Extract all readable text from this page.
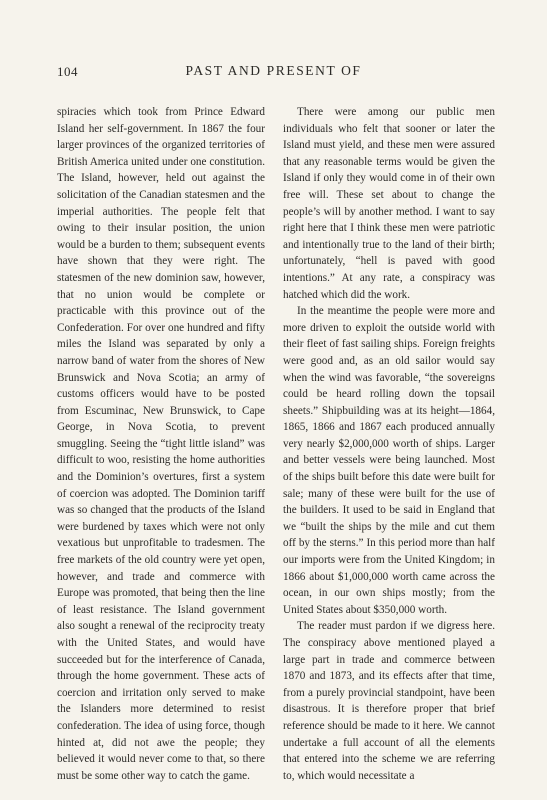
104	PAST AND PRESENT OF

spiracies which took from Prince Edward Island her self-government. In 1867 the four larger provinces of the organized territories of British America united under one constitution. The Island, however, held out against the solicitation of the Canadian statesmen and the imperial authorities. The people felt that owing to their insular position, the union would be a burden to them; subsequent events have shown that they were right. The statesmen of the new dominion saw, however, that no union would be complete or practicable with this province out of the Confederation. For over one hundred and fifty miles the Island was separated by only a narrow band of water from the shores of New Brunswick and Nova Scotia; an army of customs officers would have to be posted from Escuminac, New Brunswick, to Cape George, in Nova Scotia, to prevent smuggling. Seeing the “tight little island” was difficult to woo, resisting the home authorities and the Dominion’s overtures, first a system of coercion was adopted. The Dominion tariff was so changed that the products of the Island were burdened by taxes which were not only vexatious but unprofitable to tradesmen. The free markets of the old country were yet open, however, and trade and commerce with Europe was promoted, that being then the line of least resistance. The Island government also sought a renewal of the reciprocity treaty with the United States, and would have succeeded but for the interference of Canada, through the home government. These acts of coercion and irritation only served to make the Islanders more determined to resist confederation. The idea of using force, though hinted at, did not awe the people; they believed it would never come to that, so there must be some other way to catch the game.

There were among our public men individuals who felt that sooner or later the Island must yield, and these men were assured that any reasonable terms would be given the Island if only they would come in of their own free will. These set about to change the people’s will by another method. I want to say right here that I think these men were patriotic and intentionally true to the land of their birth; unfortunately, “hell is paved with good intentions.” At any rate, a conspiracy was hatched which did the work.

In the meantime the people were more and more driven to exploit the outside world with their fleet of fast sailing ships. Foreign freights were good and, as an old sailor would say when the wind was favorable, “the sovereigns could be heard rolling down the topsail sheets.” Shipbuilding was at its height—1864, 1865, 1866 and 1867 each produced annually very nearly $2,000,000 worth of ships. Larger and better vessels were being launched. Most of the ships built before this date were built for sale; many of these were built for the use of the builders. It used to be said in England that we “built the ships by the mile and cut them off by the sterns.” In this period more than half our imports were from the United Kingdom; in 1866 about $1,000,000 worth came across the ocean, in our own ships mostly; from the United States about $350,000 worth.

The reader must pardon if we digress here. The conspiracy above mentioned played a large part in trade and commerce between 1870 and 1873, and its effects after that time, from a purely provincial standpoint, have been disastrous. It is therefore proper that brief reference should be made to it here. We cannot undertake a full account of all the elements that entered into the scheme we are referring to, which would necessitate a
